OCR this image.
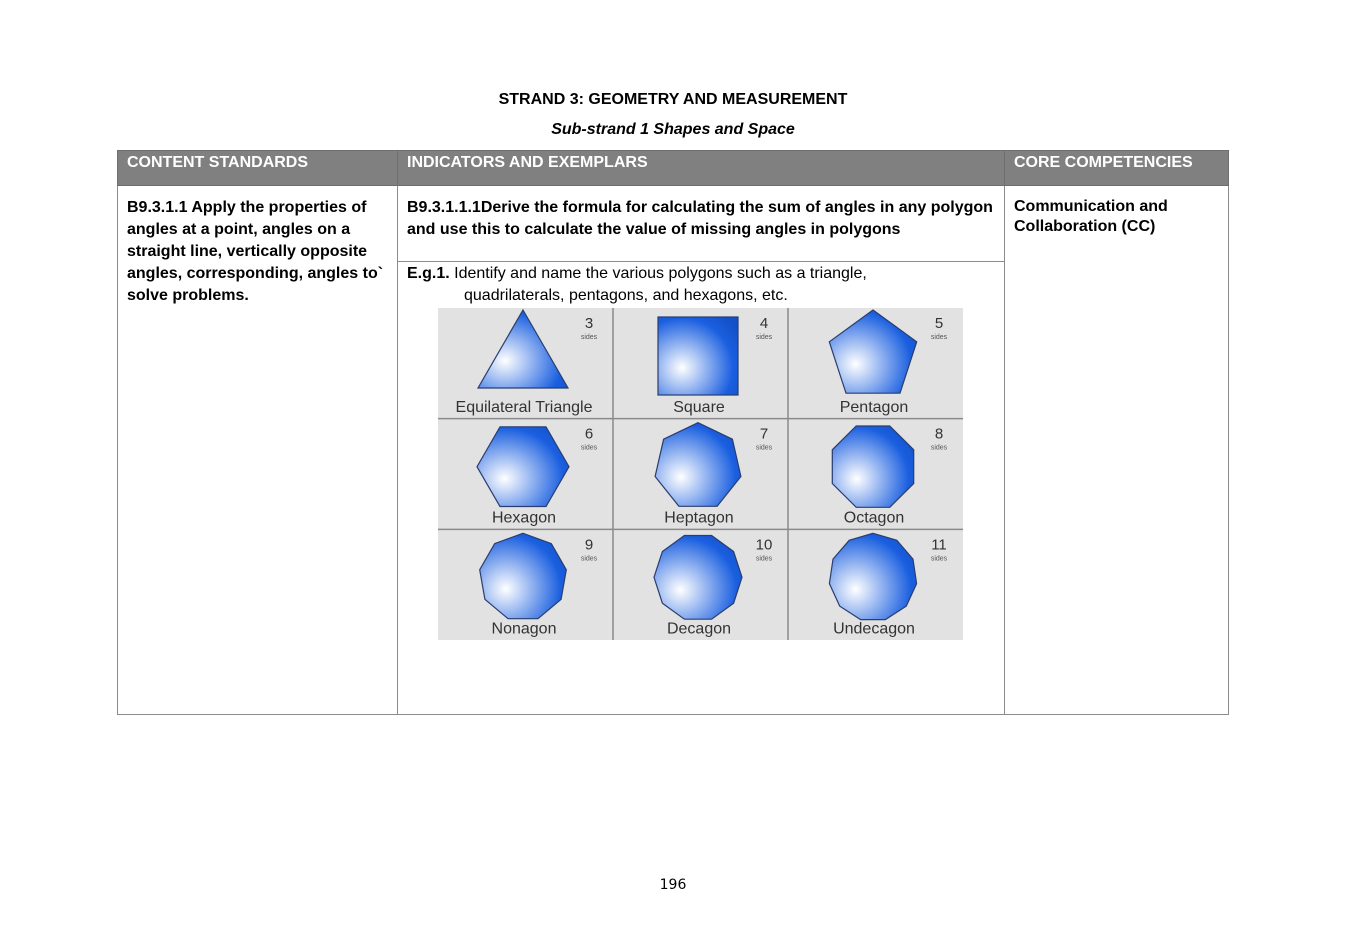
STRAND 3: GEOMETRY AND MEASUREMENT
Sub-strand 1 Shapes and Space
CONTENT STANDARDS	INDICATORS AND EXEMPLARS	CORE COMPETENCIES
B9.3.1.1 Apply the properties of angles at a point, angles on a straight line, vertically opposite angles, corresponding, angles to` solve problems.
B9.3.1.1.1Derive the formula for calculating the sum of angles in any polygon and use this to calculate the value of missing angles in polygons
E.g.1. Identify and name the various polygons such as a triangle,
quadrilaterals, pentagons, and hexagons, etc.
3
sides
Equilateral Triangle
4
sides
Square
5
sides
Pentagon
6
sides
Hexagon
7
sides
Heptagon
8
sides
Octagon
9
sides
Nonagon
10
sides
Decagon
11
sides
Undecagon
Communication and Collaboration (CC)
196
